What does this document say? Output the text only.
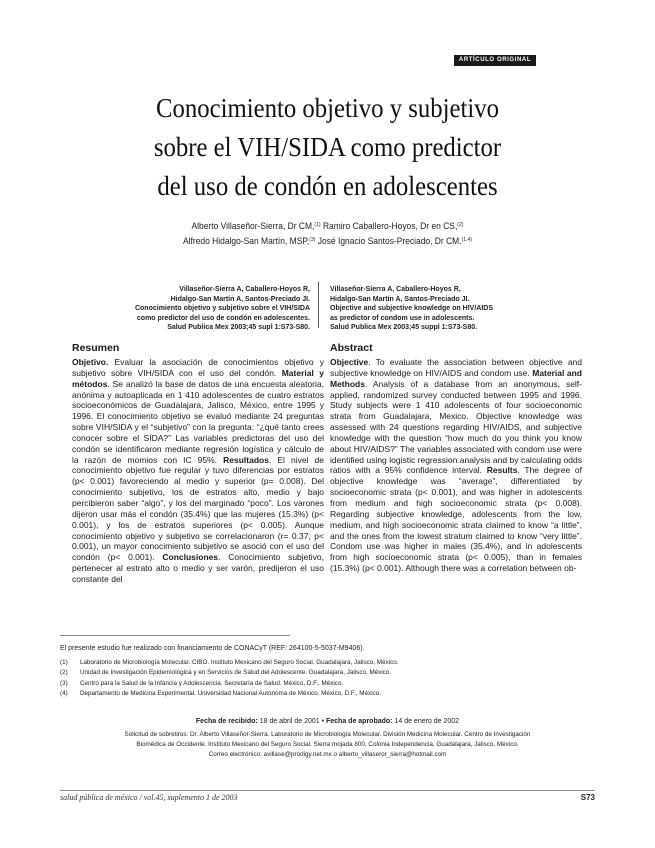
ARTÍCULO ORIGINAL
Conocimiento objetivo y subjetivo
sobre el VIH/SIDA como predictor
del uso de condón en adolescentes
Alberto Villaseñor-Sierra, Dr CM,$^{(1)}$ Ramiro Caballero-Hoyos, Dr en CS,$^{(2)}$
Alfredo Hidalgo-San Martín, MSP,$^{(3)}$ José Ignacio Santos-Preciado, Dr CM.$^{(1,4)}$
Villaseñor-Sierra A, Caballero-Hoyos R,
Hidalgo-San Martín A, Santos-Preciado JI.
Conocimiento objetivo y subjetivo sobre el VIH/SIDA
como predictor del uso de condón en adolescentes.
Salud Publica Mex 2003;45 supl 1:S73-S80.
Villaseñor-Sierra A, Caballero-Hoyos R,
Hidalgo-San Martín A, Santos-Preciado JI.
Objective and subjective knowledge on HIV/AIDS
as predictor of condom use in adolescents.
Salud Publica Mex 2003;45 suppl 1:S73-S80.
Resumen
Objetivo. Evaluar la asociación de conocimientos objetivo y subjetivo sobre VIH/SIDA con el uso del condón. Material y métodos. Se analizó la base de datos de una encuesta aleatoria, anónima y autoaplicada en 1 410 adolescentes de cuatro estratos socioeconómicos de Guadalajara, Jalisco, México, entre 1995 y 1996. El conocimiento objetivo se evaluó mediante 24 preguntas sobre VIH/SIDA y el “subjetivo” con la pregunta: “¿qué tanto crees conocer sobre el SIDA?” Las variables predictoras del uso del condón se identificaron mediante regresión logística y cálculo de la razón de momios con IC 95%. Resultados. El nivel de conocimiento objetivo fue regular y tuvo diferencias por estratos (p< 0.001) favoreciendo al medio y superior (p= 0.008). Del conocimiento subjetivo, los de estratos alto, medio y bajo percibieron saber “algo”, y los del marginado “poco”. Los varones dijeron usar más el condón (35.4%) que las mujeres (15.3%) (p< 0.001), y los de estratos superiores (p< 0.005). Aunque conocimiento objetivo y subjetivo se correlacionaron (r= 0.37, p< 0.001), un mayor conocimiento subjetivo se asoció con el uso del condón (p< 0.001). Conclusiones. Conocimiento subjetivo, pertenecer al estrato alto o medio y ser varón, predijeron el uso constante del
Abstract
Objective. To evaluate the association between objective and subjective knowledge on HIV/AIDS and condom use. Material and Methods. Analysis of a database from an anonymous, self-applied, randomized survey conducted between 1995 and 1996. Study subjects were 1 410 adolescents of four socioeconomic strata from Guadalajara, Mexico. Objective knowledge was assessed with 24 questions regarding HIV/AIDS, and subjective knowledge with the question “how much do you think you know about HIV/AIDS?” The variables associated with condom use were identified using logistic regression analysis and by calculating odds ratios with a 95% confidence interval. Results. The degree of objective knowledge was “average”, differentiated by socioeconomic strata (p< 0.001), and was higher in adolescents from medium and high socioeconomic strata (p< 0.008). Regarding subjective knowledge, adolescents from the low, medium, and high socioeconomic strata claimed to know “a little”, and the ones from the lowest stratum claimed to know “very little”. Condom use was higher in males (35.4%), and in adolescents from high socioeconomic strata (p< 0.005), than in females (15.3%) (p< 0.001). Although there was a correlation between ob-
El presente estudio fue realizado con financiamiento de CONACyT (REF: 264100-5-5037-M9406).
(1) Laboratorio de Microbiología Molecular. CIBO. Instituto Mexicano del Seguro Social. Guadalajara, Jalisco, México.
(2) Unidad de Investigación Epidemiológica y en Servicios de Salud del Adolescente. Guadalajara, Jalisco, México.
(3) Centro para la Salud de la Infancia y Adolescencia. Secretaría de Salud. México, D.F., México.
(4) Departamento de Medicina Experimental. Universidad Nacional Autónoma de México. México, D.F., México.
Fecha de recibido: 18 de abril de 2001 • Fecha de aprobado: 14 de enero de 2002
Solicitud de sobretiros: Dr. Alberto Villaseñor-Sierra. Laboratorio de Microbiología Molecular. División Medicina Molecular. Centro de Investigación
Biomédica de Occidente. Instituto Mexicano del Seguro Social. Sierra mojada 800, Colonia Independencia, Guadalajara, Jalisco, México.
Correo electrónico: avillase@prodigy.net.mx o alberto_villaseror_sierra@hotmail.com
salud pública de méxico / vol.45, suplemento 1 de 2003	S73
